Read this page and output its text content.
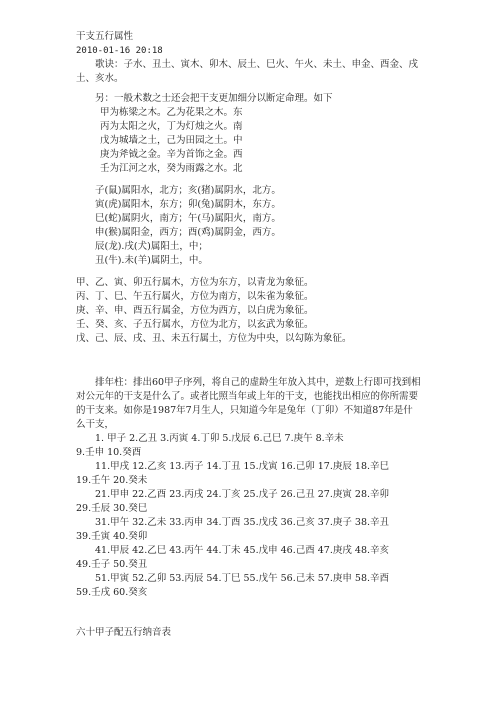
干支五行属性

2010-01-16 20:18

歌诀：子水、丑土、寅木、卯木、辰土、巳火、午火、未土、申金、酉金、戌土、亥水。

另：一般术数之士还会把干支更加细分以断定命理。如下

甲为栋梁之木。乙为花果之木。东

丙为太阳之火，丁为灯烛之火。南

戊为城墙之土，己为田园之土。中

庚为斧钺之金。辛为首饰之金。西

壬为江河之水，癸为雨露之水。北

子(鼠)属阳水，北方；亥(猪)属阴水，北方。

寅(虎)属阳木，东方；卯(兔)属阴木，东方。

巳(蛇)属阴火，南方；午(马)属阳火，南方。

申(猴)属阳金，西方；酉(鸡)属阴金，西方。

辰(龙).戌(犬)属阳土，中；

丑(牛).未(羊)属阴土，中。

甲、乙、寅、卯五行属木，方位为东方，以青龙为象征。

丙、丁、巳、午五行属火，方位为南方，以朱雀为象征。

庚、辛、申、酉五行属金，方位为西方，以白虎为象征。

壬、癸、亥、子五行属水，方位为北方，以玄武为象征。

戊、己、辰、戌、丑、未五行属土，方位为中央，以勾陈为象征。

排年柱：排出60甲子序列，将自己的虚龄生年放入其中，逆数上行即可找到相对公元年的干支是什么了。或者比照当年或上年的干支，也能找出相应的你所需要的干支来。如你是1987年7月生人，只知道今年是兔年（丁卯）不知道87年是什么干支，

1. 甲子 2.乙丑 3.丙寅 4.丁卯 5.戊辰 6.己巳 7.庚午 8.辛未
9.壬申 10.癸酉

11.甲戌 12.乙亥 13.丙子 14.丁丑 15.戊寅 16.己卯 17.庚辰 18.辛巳
19.壬午 20.癸未

21.甲申 22.乙酉 23.丙戌 24.丁亥 25.戊子 26.己丑 27.庚寅 28.辛卯
29.壬辰 30.癸巳

31.甲午 32.乙未 33.丙申 34.丁酉 35.戊戌 36.己亥 37.庚子 38.辛丑
39.壬寅 40.癸卯

41.甲辰 42.乙巳 43.丙午 44.丁未 45.戊申 46.己酉 47.庚戌 48.辛亥
49.壬子 50.癸丑

51.甲寅 52.乙卯 53.丙辰 54.丁巳 55.戊午 56.己未 57.庚申 58.辛酉
59.壬戌 60.癸亥

六十甲子配五行纳音表
